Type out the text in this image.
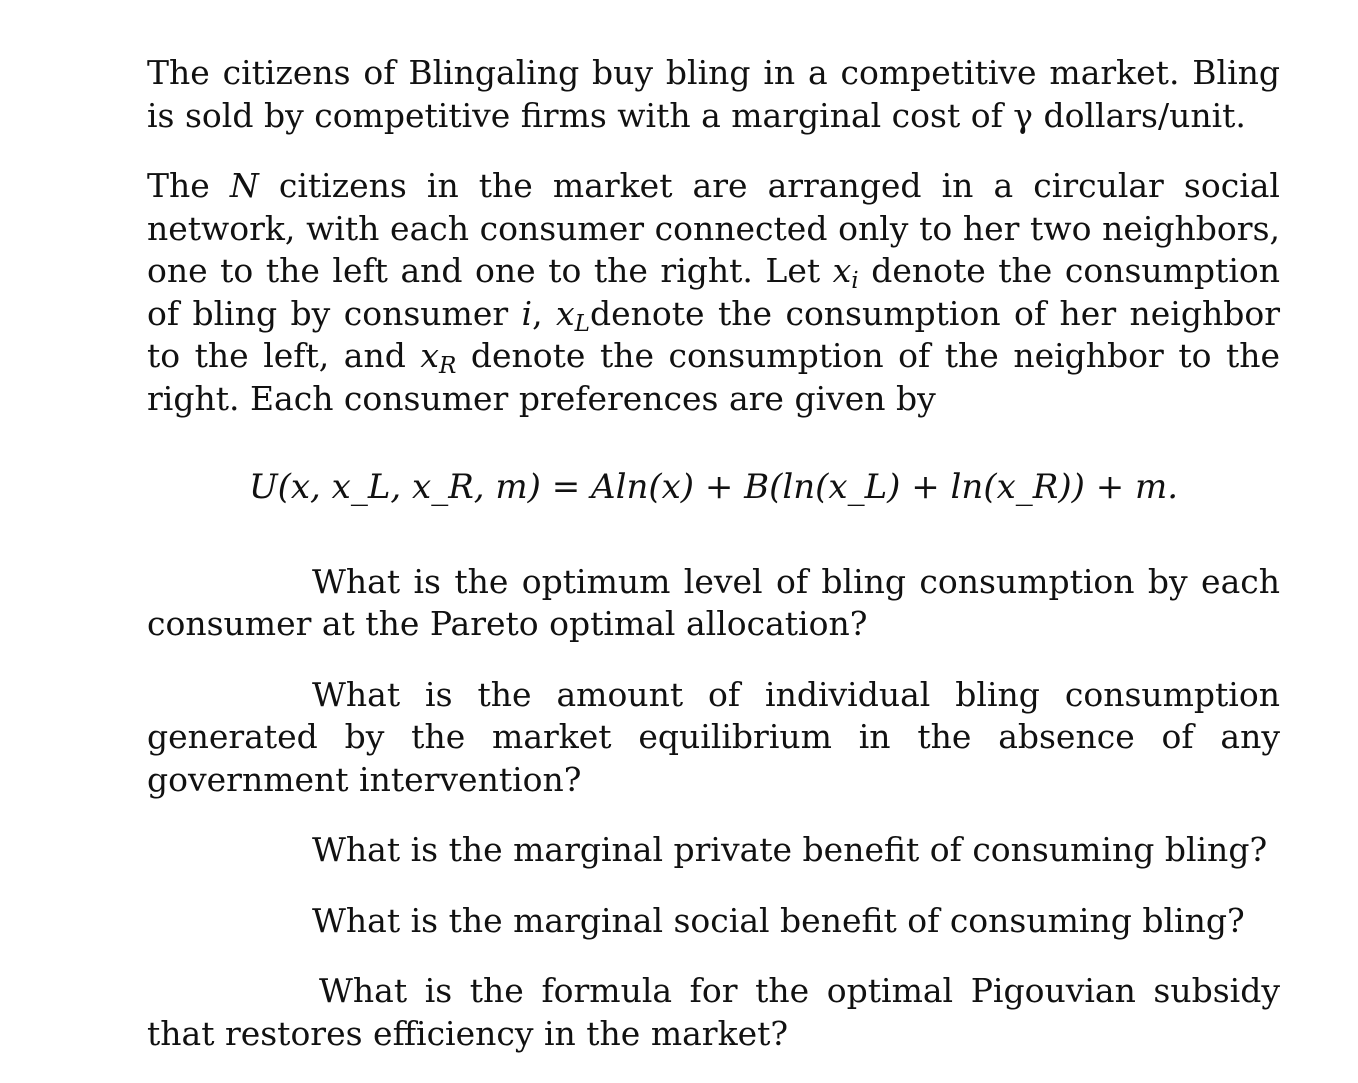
The citizens of Blingaling buy bling in a competitive market. Bling is sold by competitive firms with a marginal cost of γ dollars/unit.

The N citizens in the market are arranged in a circular social network, with each consumer connected only to her two neighbors, one to the left and one to the right. Let $x_i$ denote the consumption of bling by consumer i, $x_Ldenote$ the consumption of her neighbor to the left, and $x_R$ denote the consumption of the neighbor to the right. Each consumer preferences are given by

U(x, x_L, x_R, m) = Aln(x) + B(ln(x_L) + ln(x_R)) + m.

What is the optimum level of bling consumption by each consumer at the Pareto optimal allocation?

What is the amount of individual bling consumption generated by the market equilibrium in the absence of any government intervention?

What is the marginal private benefit of consuming bling?

What is the marginal social benefit of consuming bling?

What is the formula for the optimal Pigouvian subsidy that restores efficiency in the market?
